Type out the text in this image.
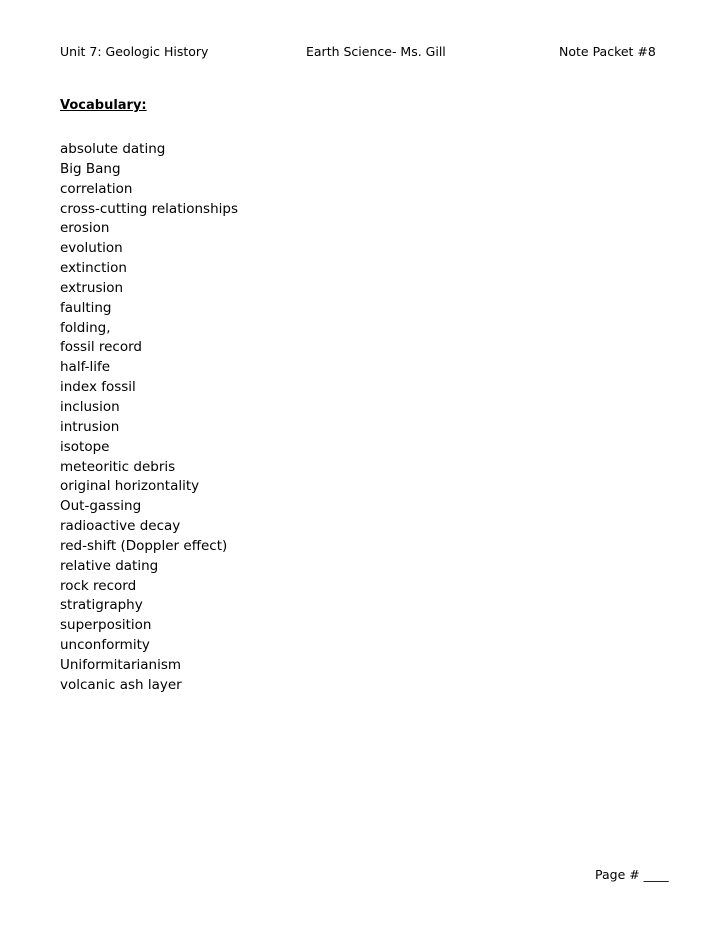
Unit 7: Geologic History	Earth Science- Ms. Gill	Note Packet #8
Vocabulary:
absolute dating
Big Bang
correlation
cross-cutting relationships
erosion
evolution
extinction
extrusion
faulting
folding,
fossil record
half-life
index fossil
inclusion
intrusion
isotope
meteoritic debris
original horizontality
Out-gassing
radioactive decay
red-shift (Doppler effect)
relative dating
rock record
stratigraphy
superposition
unconformity
Uniformitarianism
volcanic ash layer
Page # ____
